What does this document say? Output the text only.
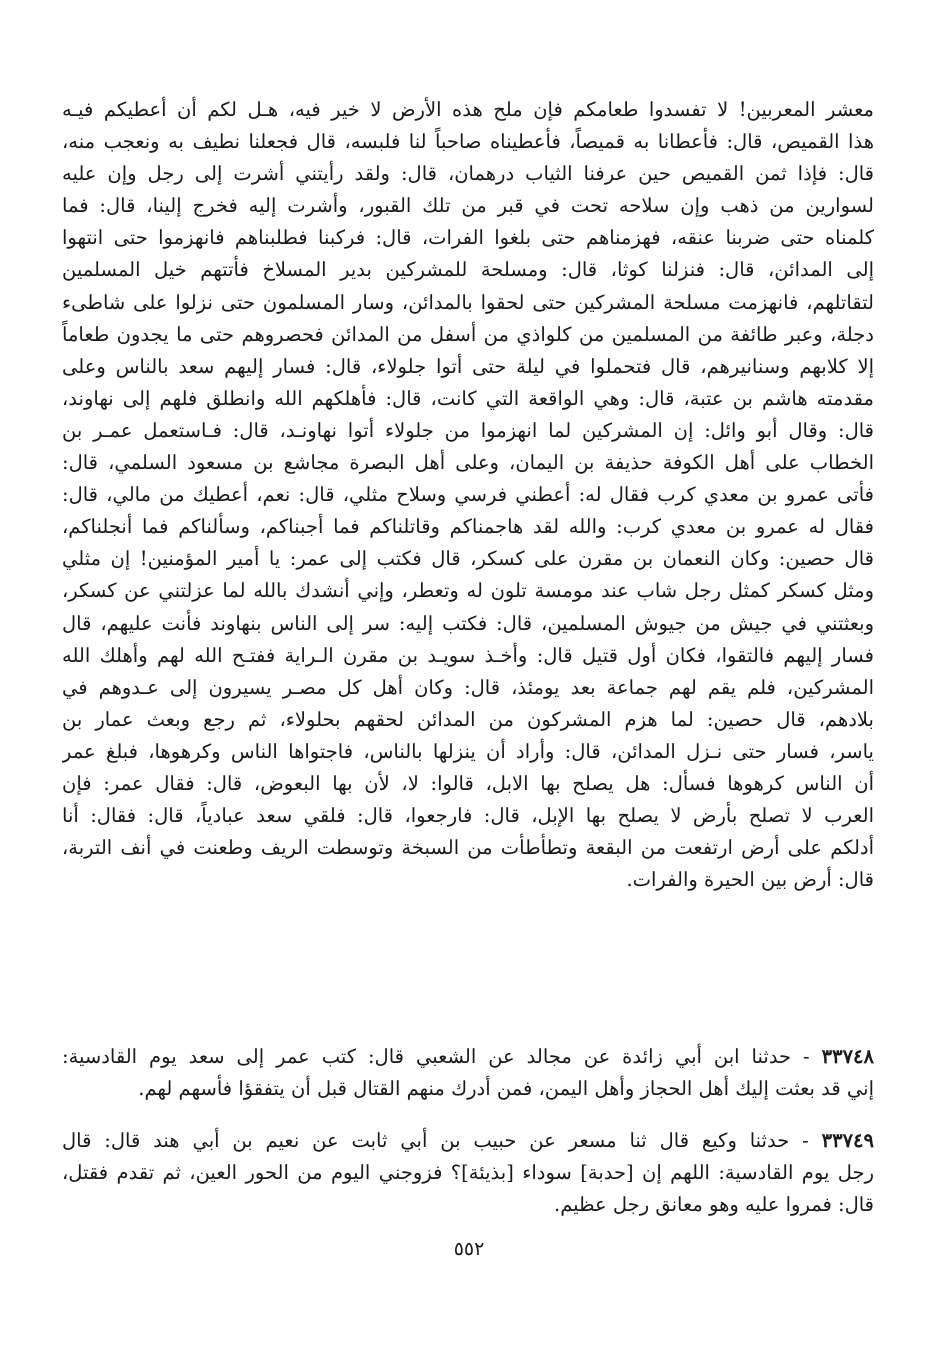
معشر المعربين! لا تفسدوا طعامكم فإن ملح هذه الأرض لا خير فيه، هـل لكم أن أعطيكم فيـه
هذا القميص، قال: فأعطانا به قميصاً، فأعطيناه صاحباً لنا فلبسه، قال فجعلنا نطيف به ونعجب منه،
قال: فإذا ثمن القميص حين عرفنا الثياب درهمان، قال: ولقد رأيتني أشرت إلى رجل وإن عليه
لسوارين من ذهب وإن سلاحه تحت في قبر من تلك القبور، وأشرت إليه فخرج إلينا، قال: فما
كلمناه حتى ضربنا عنقه، فهزمناهم حتى بلغوا الفرات، قال: فركبنا فطلبناهم فانهزموا حتى انتهوا
إلى المدائن، قال: فنزلنا كوثا، قال: ومسلحة للمشركين بدير المسلاخ فأتتهم خيل المسلمين
لتقاتلهم، فانهزمت مسلحة المشركين حتى لحقوا بالمدائن، وسار المسلمون حتى نزلوا على شاطىء
دجلة، وعبر طائفة من المسلمين من كلواذي من أسفل من المدائن فحصروهم حتى ما يجدون طعاماً
إلا كلابهم وسنانيرهم، قال فتحملوا في ليلة حتى أتوا جلولاء، قال: فسار إليهم سعد بالناس وعلى
مقدمته هاشم بن عتبة، قال: وهي الواقعة التي كانت، قال: فأهلكهم الله وانطلق فلهم إلى نهاوند،
قال: وقال أبو وائل: إن المشركين لما انهزموا من جلولاء أتوا نهاونـد، قال: فـاستعمل عمـر بن
الخطاب على أهل الكوفة حذيفة بن اليمان، وعلى أهل البصرة مجاشع بن مسعود السلمي، قال:
فأتى عمرو بن معدي كرب فقال له: أعطني فرسي وسلاح مثلي، قال: نعم، أعطيك من مالي، قال:
فقال له عمرو بن معدي كرب: والله لقد هاجمناكم وقاتلناكم فما أجبناكم، وسألناكم فما أنجلناكم،
قال حصين: وكان النعمان بن مقرن على كسكر، قال فكتب إلى عمر: يا أمير المؤمنين! إن مثلي
ومثل كسكر كمثل رجل شاب عند مومسة تلون له وتعطر، وإني أنشدك بالله لما عزلتني عن كسكر،
وبعثتني في جيش من جيوش المسلمين، قال: فكتب إليه: سر إلى الناس بنهاوند فأنت عليهم، قال
فسار إليهم فالتقوا، فكان أول قتيل قال: وأخـذ سويـد بن مقرن الـراية ففتـح الله لهم وأهلك الله
المشركين، فلم يقم لهم جماعة بعد يومئذ، قال: وكان أهل كل مصـر يسيرون إلى عـدوهم في
بلادهم، قال حصين: لما هزم المشركون من المدائن لحقهم بحلولاء، ثم رجع وبعث عمار بن
ياسر، فسار حتى نـزل المدائن، قال: وأراد أن ينزلها بالناس، فاجتواها الناس وكرهوها، فبلغ عمر
أن الناس كرهوها فسأل: هل يصلح بها الابل، قالوا: لا، لأن بها البعوض، قال: فقال عمر: فإن
العرب لا تصلح بأرض لا يصلح بها الإبل، قال: فارجعوا، قال: فلقي سعد عبادياً، قال: فقال: أنا
أدلكم على أرض ارتفعت من البقعة وتطأطأت من السبخة وتوسطت الريف وطعنت في أنف التربة،
قال: أرض بين الحيرة والفرات.
٣٣٧٤٨ - حدثنا ابن أبي زائدة عن مجالد عن الشعبي قال: كتب عمر إلى سعد يوم القادسية:
إني قد بعثت إليك أهل الحجاز وأهل اليمن، فمن أدرك منهم القتال قبل أن يتفقؤا فأسهم لهم.
٣٣٧٤٩ - حدثنا وكيع قال ثنا مسعر عن حبيب بن أبي ثابت عن نعيم بن أبي هند قال: قال
رجل يوم القادسية: اللهم إن [حدبة] سوداء [بذيئة]؟ فزوجني اليوم من الحور العين، ثم تقدم فقتل،
قال: فمروا عليه وهو معانق رجل عظيم.
٥٥٢
